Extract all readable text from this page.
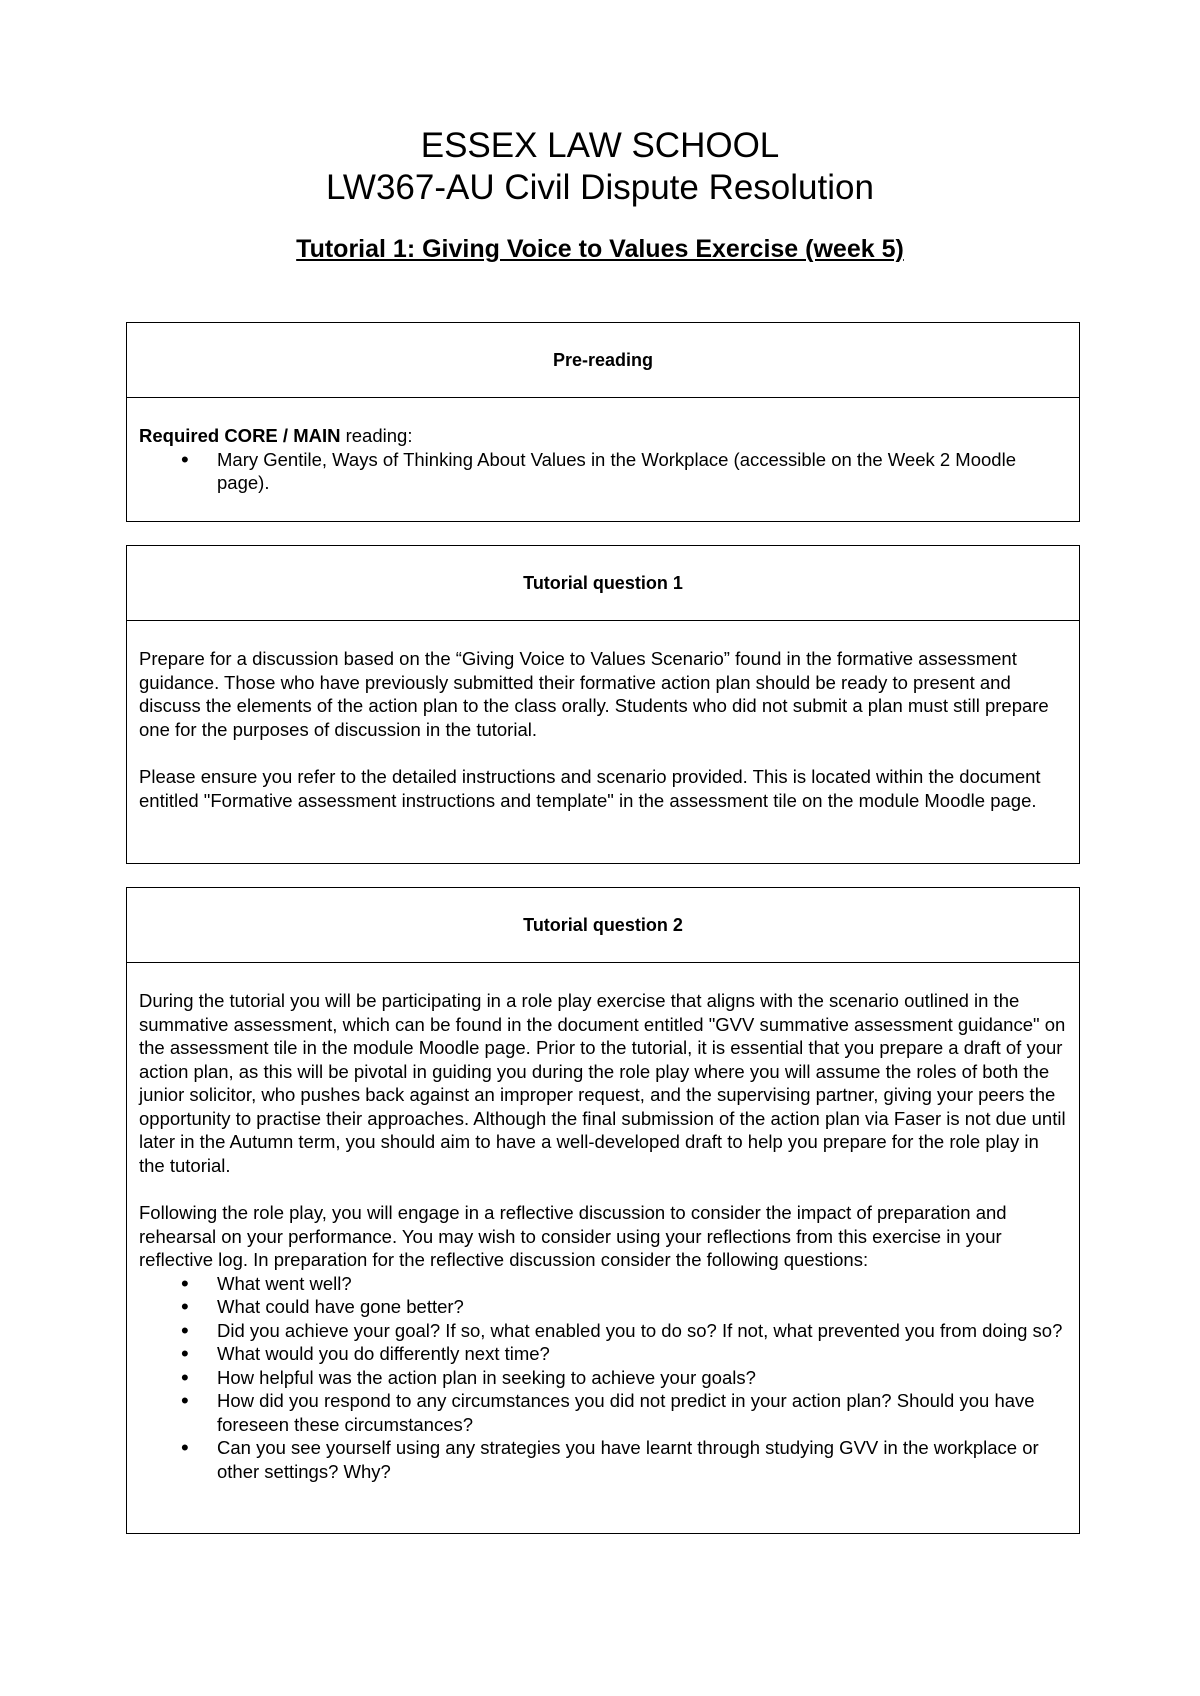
ESSEX LAW SCHOOL
LW367-AU Civil Dispute Resolution
Tutorial 1: Giving Voice to Values Exercise (week 5)
Pre-reading

Required CORE / MAIN reading:

• Mary Gentile, Ways of Thinking About Values in the Workplace (accessible on the Week 2 Moodle page).
Tutorial question 1

Prepare for a discussion based on the “Giving Voice to Values Scenario” found in the formative assessment guidance. Those who have previously submitted their formative action plan should be ready to present and discuss the elements of the action plan to the class orally. Students who did not submit a plan must still prepare one for the purposes of discussion in the tutorial.

Please ensure you refer to the detailed instructions and scenario provided. This is located within the document entitled "Formative assessment instructions and template" in the assessment tile on the module Moodle page.

Tutorial question 2

During the tutorial you will be participating in a role play exercise that aligns with the scenario outlined in the summative assessment, which can be found in the document entitled "GVV summative assessment guidance" on the assessment tile in the module Moodle page. Prior to the tutorial, it is essential that you prepare a draft of your action plan, as this will be pivotal in guiding you during the role play where you will assume the roles of both the junior solicitor, who pushes back against an improper request, and the supervising partner, giving your peers the opportunity to practise their approaches. Although the final submission of the action plan via Faser is not due until later in the Autumn term, you should aim to have a well-developed draft to help you prepare for the role play in the tutorial.

Following the role play, you will engage in a reflective discussion to consider the impact of preparation and rehearsal on your performance. You may wish to consider using your reflections from this exercise in your reflective log. In preparation for the reflective discussion consider the following questions:

• What went well?
• What could have gone better?
• Did you achieve your goal? If so, what enabled you to do so? If not, what prevented you from doing so?
• What would you do differently next time?
• How helpful was the action plan in seeking to achieve your goals?
• How did you respond to any circumstances you did not predict in your action plan? Should you have foreseen these circumstances?
• Can you see yourself using any strategies you have learnt through studying GVV in the workplace or other settings? Why?
